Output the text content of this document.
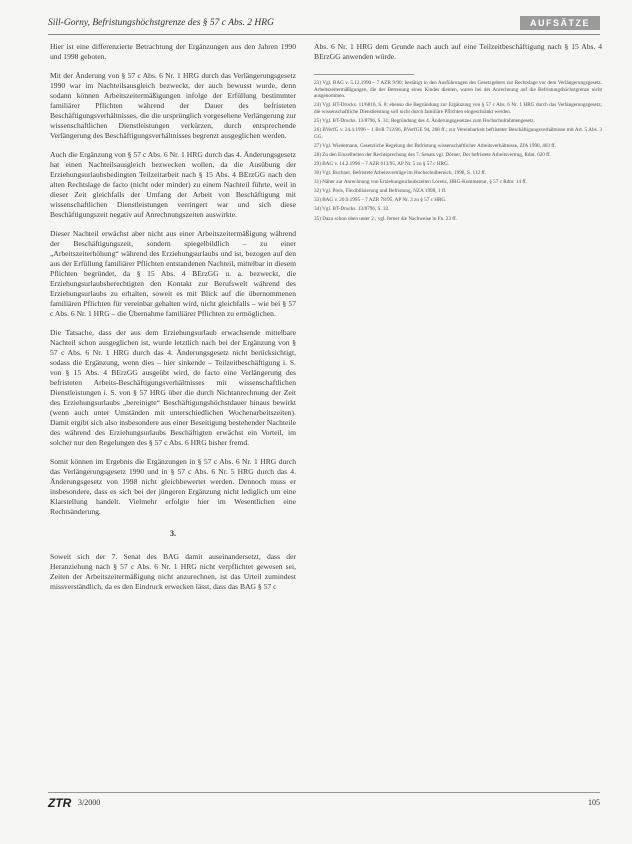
Sill-Gorny, Befristungshöchstgrenze des § 57 c Abs. 2 HRG	AUFSÄTZE

Hier ist eine differenzierte Betrachtung der Ergänzungen aus den Jahren 1990 und 1998 geboten.

Mit der Änderung von § 57 c Abs. 6 Nr. 1 HRG durch das Verlängerungsgesetz 1990 war im Nachteilsausgleich bezweckt, der auch bewusst wurde, denn sodann können Arbeitszeitermäßigungen infolge der Erfüllung bestimmter familiärer Pflichten während der Dauer des befristeten Beschäftigungsverhältnisses, die die ursprünglich vorgesehene Verlängerung zur wissenschaftlichen Dienstleistungen verkürzen, durch entsprechende Verlängerung des Beschäftigungsverhältnisses begrenzt ausgeglichen werden.

Auch die Ergänzung von § 57 c Abs. 6 Nr. 1 HRG durch das 4. Änderungsgesetz hat einen Nachteilsausgleich bezwecken wollen, da die Ausübung der Erziehungsurlaubsbedingten Teilzeitarbeit nach § 15 Abs. 4 BErzGG nach den alten Rechtslage de facto (nicht oder minder) zu einem Nachteil führte, weil in dieser Zeit gleichfalls der Umfang der Arbeit von Beschäftigung mit wissenschaftlichen Dienstleistungen verringert war und sich diese Beschäftigungszeit negativ auf Anrechnungszeiten auswirkte.

Dieser Nachteil erwächst aber nicht aus einer Arbeitszeitermäßigung während der Beschäftigungszeit, sondern spiegelbildlich – zu einer „Arbeitszeiterhöhung“ während des Erziehungsurlaubs und ist, bezogen auf den aus der Erfüllung familiärer Pflichten entstandenen Nachteil, mittelbar in diesem Pflichten begründet, da § 15 Abs. 4 BErzGG u. a. bezweckt, die Erziehungsurlaubsberechtigten den Kontakt zur Berufswelt während des Erziehungsurlaubs zu erhalten, soweit es mit Blick auf die übernommenen familiären Pflichten für vereinbar gehalten wird, nicht gleichfalls – wie bei § 57 c Abs. 6 Nr. 1 HRG – die Übernahme familiärer Pflichten zu ermöglichen.

Die Tatsache, dass der aus dem Erziehungsurlaub erwachsende mittelbare Nachteil schon ausgeglichen ist, wurde letztlich nach bei der Ergänzung von § 57 c Abs. 6 Nr. 1 HRG durch das 4. Änderungsgesetz nicht berücksichtigt, sodass die Ergänzung, wenn dies – hier sinkende – Teilzeitbeschäftigung i. S. von § 15 Abs. 4 BErzGG ausgeübt wird, de facto eine Verlängerung des befristeten Arbeits-Beschäftigungsverhältnisses mit wissenschaftlichen Dienstleistungen i. S. von § 57 HRG über die durch Nichtanrechnung der Zeit des Erziehungsurlaubs „bereinigte“ Beschäftigungshöchstdauer hinaus bewirkt (wenn auch unter Umständen mit unterschiedlichen Wochenarbeitszeiten). Damit ergibt sich also insbesondere aus einer Beseitigung bestehender Nachteile des während des Erziehungsurlaubs Beschäftigten erwächst ein Vorteil, im solcher nur den Regelungen des § 57 c Abs. 6 HRG bisher fremd.

Somit können im Ergebnis die Ergänzungen in § 57 c Abs. 6 Nr. 1 HRG durch das Verlängerungsgesetz 1990 und in § 57 c Abs. 6 Nr. 5 HRG durch das 4. Änderungsgesetz von 1998 nicht gleichbewertet werden. Dennoch muss er insbesondere, dass es sich bei der jüngeren Ergänzung nicht lediglich um eine Klarstellung handelt. Vielmehr erfolgte hier im Wesentlichen eine Rechtsänderung.

3.

Soweit sich der 7. Senat des BAG damit auseinandersetzt, dass der Heranziehung nach § 57 c Abs. 6 Nr. 1 HRG nicht verpflichtet gewesen sei, Zeiten der Arbeitszeitermäßigung nicht anzurechnen, ist das Urteil zumindest missverständlich, da es den Eindruck erwecken lässt, dass das BAG § 57 c

Abs. 6 Nr. 1 HRG dem Grunde nach auch auf eine Teilzeitbeschäftigung nach § 15 Abs. 4 BErzGG anwenden würde.

23) Vgl. BAG v. 5.12.1990 – 7 AZR 9/90; bestätigt in den Ausführungen des Gesetzgebers zur Rechtslage vor dem Verlängerungsgesetz. Arbeitszeitermäßigungen, die der Betreuung eines Kindes dienten, waren bei der Anrechnung auf die Befristungshöchstgrenze nicht ausgenommen.

24) Vgl. BT-Drucks. 11/6816, S. 8; ebenso die Begründung zur Ergänzung von § 57 c Abs. 6 Nr. 1 HRG durch das Verlängerungsgesetz; die wissenschaftliche Dienstleistung soll nicht durch familiäre Pflichten eingeschränkt werden.

25) Vgl. BT-Drucks. 13/8796, S. 31; Begründung des 4. Änderungsgesetzes zum Hochschulrahmengesetz.

26) BVerfG v. 24.4.1996 – 1 BvR 712/86, BVerfGE 94, 268 ff.; zur Vereinbarkeit befristeter Beschäftigungsverhältnisse mit Art. 5 Abs. 3 GG.

27) Vgl. Wiedemann, Gesetzliche Regelung der Befristung wissenschaftlicher Arbeitsverhältnisse, ZfA 1990, 403 ff.

28) Zu den Einzelheiten der Rechtsprechung des 7. Senats vgl. Dörner, Der befristete Arbeitsvertrag, Rdnr. 620 ff.

29) BAG v. 14.2.1996 – 7 AZR 613/95, AP Nr. 5 zu § 57 c HRG.

30) Vgl. Buchner, Befristete Arbeitsverträge im Hochschulbereich, 1998, S. 112 ff.

31) Näher zur Anrechnung von Erziehungsurlaubszeiten Lorenz, HRG-Kommentar, § 57 c Rdnr. 14 ff.

32) Vgl. Preis, Flexibilisierung und Befristung, NZA 1998, 1 ff.

33) BAG v. 20.9.1995 – 7 AZR 78/95, AP Nr. 3 zu § 57 c HRG.

34) Vgl. BT-Drucks. 13/8796, S. 32.

35) Dazu schon oben unter 2.; vgl. ferner die Nachweise in Fn. 23 ff.

ZTR 3/2000	105
